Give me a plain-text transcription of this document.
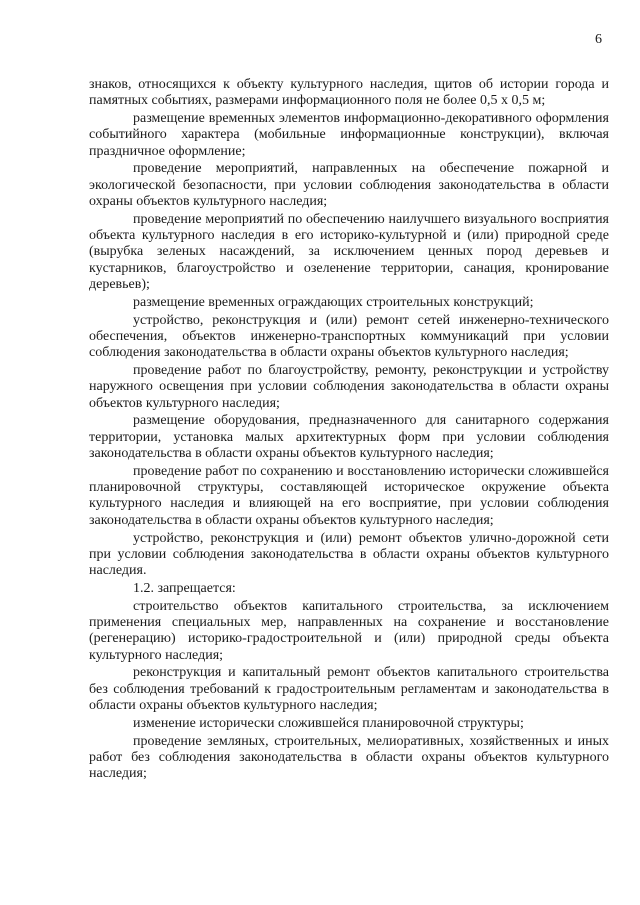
6

знаков, относящихся к объекту культурного наследия, щитов об истории города и памятных событиях, размерами информационного поля не более 0,5 х 0,5 м;

размещение временных элементов информационно-декоративного оформления событийного характера (мобильные информационные конструкции), включая праздничное оформление;

проведение мероприятий, направленных на обеспечение пожарной и экологической безопасности, при условии соблюдения законодательства в области охраны объектов культурного наследия;

проведение мероприятий по обеспечению наилучшего визуального восприятия объекта культурного наследия в его историко-культурной и (или) природной среде (вырубка зеленых насаждений, за исключением ценных пород деревьев и кустарников, благоустройство и озеленение территории, санация, кронирование деревьев);

размещение временных ограждающих строительных конструкций;

устройство, реконструкция и (или) ремонт сетей инженерно-технического обеспечения, объектов инженерно-транспортных коммуникаций при условии соблюдения законодательства в области охраны объектов культурного наследия;

проведение работ по благоустройству, ремонту, реконструкции и устройству наружного освещения при условии соблюдения законодательства в области охраны объектов культурного наследия;

размещение оборудования, предназначенного для санитарного содержания территории, установка малых архитектурных форм при условии соблюдения законодательства в области охраны объектов культурного наследия;

проведение работ по сохранению и восстановлению исторически сложившейся планировочной структуры, составляющей историческое окружение объекта культурного наследия и влияющей на его восприятие, при условии соблюдения законодательства в области охраны объектов культурного наследия;

устройство, реконструкция и (или) ремонт объектов улично-дорожной сети при условии соблюдения законодательства в области охраны объектов культурного наследия.

1.2. запрещается:

строительство объектов капитального строительства, за исключением применения специальных мер, направленных на сохранение и восстановление (регенерацию) историко-градостроительной и (или) природной среды объекта культурного наследия;

реконструкция и капитальный ремонт объектов капитального строительства без соблюдения требований к градостроительным регламентам и законодательства в области охраны объектов культурного наследия;

изменение исторически сложившейся планировочной структуры;

проведение земляных, строительных, мелиоративных, хозяйственных и иных работ без соблюдения законодательства в области охраны объектов культурного наследия;
